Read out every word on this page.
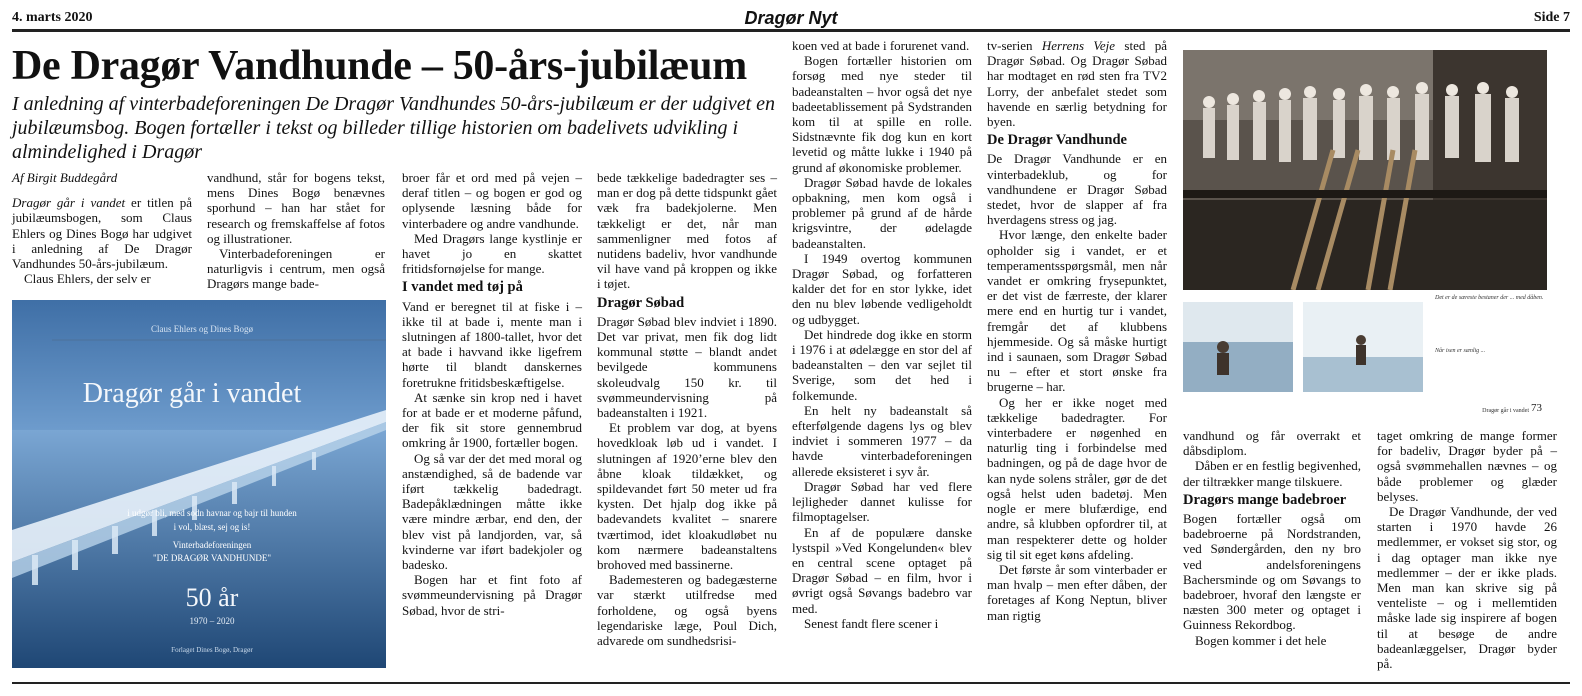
4. marts 2020	Dragør Nyt	Side 7
De Dragør Vandhunde – 50-års-jubilæum
I anledning af vinterbadeforeningen De Dragør Vandhundes 50-års-jubilæum er der udgivet en jubilæumsbog. Bogen fortæller i tekst og billeder tillige historien om badelivets udvikling i almindelighed i Dragør

Af Birgit Buddegård

Dragør går i vandet er titlen på jubilæumsbogen, som Claus Ehlers og Dines Bogø har udgivet i anledning af De Dragør Vandhundes 50-års-jubilæum.

Claus Ehlers, der selv er

vandhund, står for bogens tekst, mens Dines Bogø benævnes sporhund – han har stået for research og fremskaffelse af fotos og illustrationer.

Vinterbadeforeningen er naturligvis i centrum, men også Dragørs mange bade-

Claus Ehlers og Dines Bogø
Dragør går i vandet
i udgør bli, med sodn havnar og bajr til hunden
i vol, blæst, sej og is!
Vinterbadeforeningen
"DE DRAGØR VANDHUNDE"
50 år
1970 – 2020
Forlaget Dines Bogø, Dragør

broer får et ord med på vejen – deraf titlen – og bogen er god og oplysende læsning både for vinterbadere og andre vandhunde.

Med Dragørs lange kystlinje er havet jo en skattet fritidsfornøjelse for mange.

I vandet med tøj på

Vand er beregnet til at fiske i – ikke til at bade i, mente man i slutningen af 1800-tallet, hvor det at bade i havvand ikke ligefrem hørte til blandt danskernes foretrukne fritidsbeskæftigelse.

At sænke sin krop ned i havet for at bade er et moderne påfund, der fik sit store gennembrud omkring år 1900, fortæller bogen.

Og så var der det med moral og anstændighed, så de badende var iført tækkelig badedragt. Badepåklædningen måtte ikke være mindre ærbar, end den, der blev vist på landjorden, var, så kvinderne var iført badekjoler og badesko.

Bogen har et fint foto af svømmeundervisning på Dragør Søbad, hvor de stri-

bede tækkelige badedragter ses – man er dog på dette tidspunkt gået væk fra badekjolerne. Men tækkeligt er det, når man sammenligner med fotos af nutidens badeliv, hvor vandhunde vil have vand på kroppen og ikke i tøjet.

Dragør Søbad

Dragør Søbad blev indviet i 1890. Det var privat, men fik dog lidt kommunal støtte – blandt andet bevilgede kommunens skoleudvalg 150 kr. til svømmeundervisning på badeanstalten i 1921.

Et problem var dog, at byens hovedkloak løb ud i vandet. I slutningen af 1920’erne blev den åbne kloak tildækket, og spildevandet ført 50 meter ud fra kysten. Det hjalp dog ikke på badevandets kvalitet – snarere tværtimod, idet kloakudløbet nu kom nærmere badeanstaltens brohoved med bassinerne.

Bademesteren og badegæsterne var stærkt utilfredse med forholdene, og også byens legendariske læge, Poul Dich, advarede om sundhedsrisi-

koen ved at bade i forurenet vand.

Bogen fortæller historien om forsøg med nye steder til badeanstalten – hvor også det nye badeetablissement på Sydstranden kom til at spille en rolle. Sidstnævnte fik dog kun en kort levetid og måtte lukke i 1940 på grund af økonomiske problemer.

Dragør Søbad havde de lokales opbakning, men kom også i problemer på grund af de hårde krigsvintre, der ødelagde badeanstalten.

I 1949 overtog kommunen Dragør Søbad, og forfatteren kalder det for en stor lykke, idet den nu blev løbende vedligeholdt og udbygget.

Det hindrede dog ikke en storm i 1976 i at ødelægge en stor del af badeanstalten – den var sejlet til Sverige, som det hed i folkemunde.

En helt ny badeanstalt så efterfølgende dagens lys og blev indviet i sommeren 1977 – da havde vinterbadeforeningen allerede eksisteret i syv år.

Dragør Søbad har ved flere lejligheder dannet kulisse for filmoptagelser.

En af de populære danske lystspil »Ved Kongelunden« blev en central scene optaget på Dragør Søbad – en film, hvor i øvrigt også Søvangs badebro var med.

Senest fandt flere scener i

tv-serien Herrens Veje sted på Dragør Søbad. Og Dragør Søbad har modtaget en rød sten fra TV2 Lorry, der anbefalet stedet som havende en særlig betydning for byen.

De Dragør Vandhunde

De Dragør Vandhunde er en vinterbadeklub, og for vandhundene er Dragør Søbad stedet, hvor de slapper af fra hverdagens stress og jag.

Hvor længe, den enkelte bader opholder sig i vandet, er et temperamentsspørgsmål, men når vandet er omkring frysepunktet, er det vist de færreste, der klarer mere end en hurtig tur i vandet, fremgår det af klubbens hjemmeside. Og så måske hurtigt ind i saunaen, som Dragør Søbad nu – efter et stort ønske fra brugerne – har.

Og her er ikke noget med tækkelige badedragter. For vinterbadere er nøgenhed en naturlig ting i forbindelse med badningen, og på de dage hvor de kan nyde solens stråler, gør de det også helst uden badetøj. Men nogle er mere blufærdige, end andre, så klubben opfordrer til, at man respekterer dette og holder sig til sit eget køns afdeling.

Det første år som vinterbader er man hvalp – men efter dåben, der foretages af Kong Neptun, bliver man rigtig

Det er de særeste bestaner der ... med dåben.
Når isen er sænlig ...
Dragør går i vandet 73

vandhund og får overrakt et dåbsdiplom.

Dåben er en festlig begivenhed, der tiltrækker mange tilskuere.

Dragørs mange badebroer

Bogen fortæller også om badebroerne på Nordstranden, ved Søndergården, den ny bro ved andelsforeningens Bachersminde og om Søvangs to badebroer, hvoraf den længste er næsten 300 meter og optaget i Guinness Rekordbog.

Bogen kommer i det hele

taget omkring de mange former for badeliv, Dragør byder på – også svømmehallen nævnes – og både problemer og glæder belyses.

De Dragør Vandhunde, der ved starten i 1970 havde 26 medlemmer, er vokset sig stor, og i dag optager man ikke nye medlemmer – der er ikke plads. Men man kan skrive sig på venteliste – og i mellemtiden måske lade sig inspirere af bogen til at besøge de andre badeanlæggelser, Dragør byder på.
